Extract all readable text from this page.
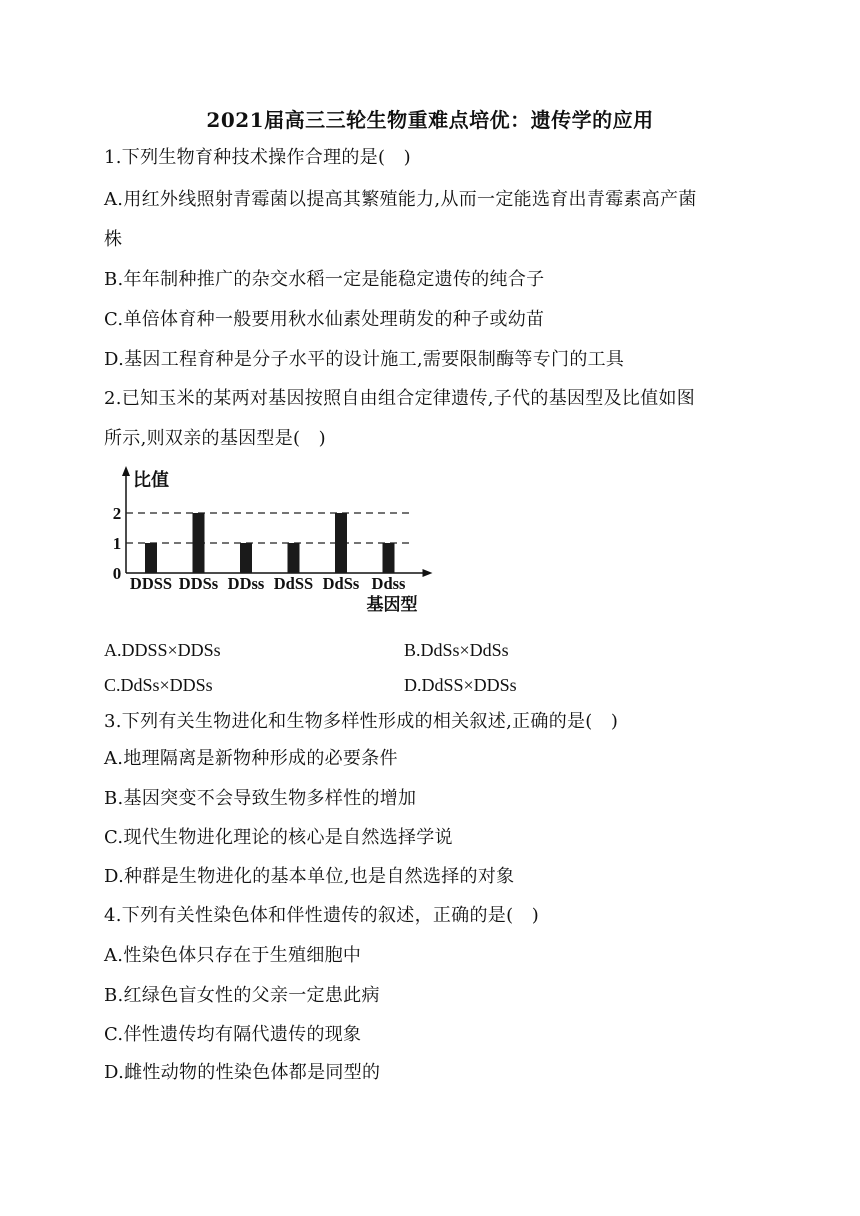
2021届高三三轮生物重难点培优：遗传学的应用
1.下列生物育种技术操作合理的是(　)
A.用红外线照射青霉菌以提高其繁殖能力,从而一定能选育出青霉素高产菌
株
B.年年制种推广的杂交水稻一定是能稳定遗传的纯合子
C.单倍体育种一般要用秋水仙素处理萌发的种子或幼苗
D.基因工程育种是分子水平的设计施工,需要限制酶等专门的工具
2.已知玉米的某两对基因按照自由组合定律遗传,子代的基因型及比值如图
所示,则双亲的基因型是(　)
0
1
2
比值
DDSS DDSs DDss DdSS DdSs Ddss
基因型
A.DDSS×DDSs	B.DdSs×DdSs
C.DdSs×DDSs	D.DdSS×DDSs
3.下列有关生物进化和生物多样性形成的相关叙述,正确的是(　)
A.地理隔离是新物种形成的必要条件
B.基因突变不会导致生物多样性的增加
C.现代生物进化理论的核心是自然选择学说
D.种群是生物进化的基本单位,也是自然选择的对象
4.下列有关性染色体和伴性遗传的叙述，正确的是(　)
A.性染色体只存在于生殖细胞中
B.红绿色盲女性的父亲一定患此病
C.伴性遗传均有隔代遗传的现象
D.雌性动物的性染色体都是同型的
